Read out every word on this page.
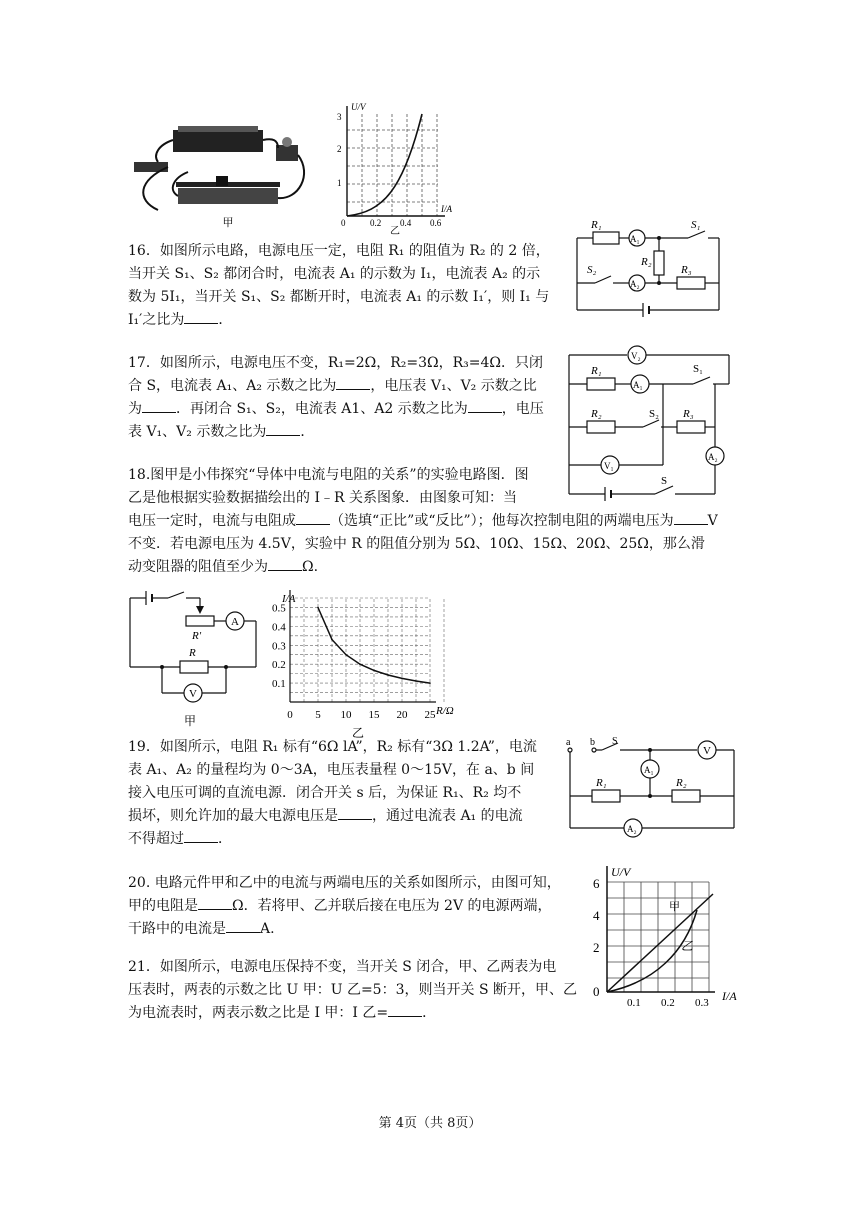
甲
U/V
I/A
3
2
1
0	0.2 0.4 0.6
乙

16．如图所示电路，电源电压一定，电阻 R₁ 的阻值为 R₂ 的 2 倍，

当开关 S₁、S₂ 都闭合时，电流表 A₁ 的示数为 I₁，电流表 A₂ 的示

数为 5I₁，当开关 S₁、S₂ 都断开时，电流表 A₁ 的示数 I₁′，则 I₁ 与

I₁′之比为 ．

R₁
A₁
S₁
R₂
S₂
A₂
R₃

17．如图所示，电源电压不变，R₁=2Ω，R₂=3Ω，R₃=4Ω．只闭

合 S，电流表 A₁、A₂ 示数之比为 ，电压表 V₁、V₂ 示数之比

为 ．再闭合 S₁、S₂，电流表 A1、A2 示数之比为 ，电压

表 V₁、V₂ 示数之比为 ．

V₂
R₁
A₁
S₁
R₂	S₂ R₃
V₁
A₂
S

18.图甲是小伟探究“导体中电流与电阻的关系”的实验电路图．图

乙是他根据实验数据描绘出的 I﹣R 关系图象．由图象可知：当

电压一定时，电流与电阻成 （选填“正比”或“反比”）；他每次控制电阻的两端电压为 V

不变．若电源电压为 4.5V，实验中 R 的阻值分别为 5Ω、10Ω、15Ω、20Ω、25Ω，那么滑

动变阻器的阻值至少为 Ω.

R′
A
R
V
甲	0 5 10 15 20 25
0.1
0.2
0.3
0.4
0.5
I/A
R/Ω
乙

19．如图所示，电阻 R₁ 标有“6Ω lA”，R₂ 标有“3Ω 1.2A”，电流

表 A₁、A₂ 的量程均为 0～3A，电压表量程 0～15V，在 a、b 间

接入电压可调的直流电源．闭合开关 s 后，为保证 R₁、R₂ 均不

损坏，则允许加的最大电源电压是 ，通过电流表 A₁ 的电流

不得超过 ．

a b S
V
A₁
R₁	R₂
A₂

20. 电路元件甲和乙中的电流与两端电压的关系如图所示，由图可知，

甲的电阻是 Ω．若将甲、乙并联后接在电压为 2V 的电源两端，

干路中的电流是 A.

U/V
I/A
6
4
2
0
0.1 0.2 0.3
甲
乙

21．如图所示，电源电压保持不变，当开关 S 闭合，甲、乙两表为电

压表时，两表的示数之比 U 甲：U 乙=5：3，则当开关 S 断开，甲、乙

为电流表时，两表示数之比是 I 甲：I 乙= ．

第 4页（共 8页）
